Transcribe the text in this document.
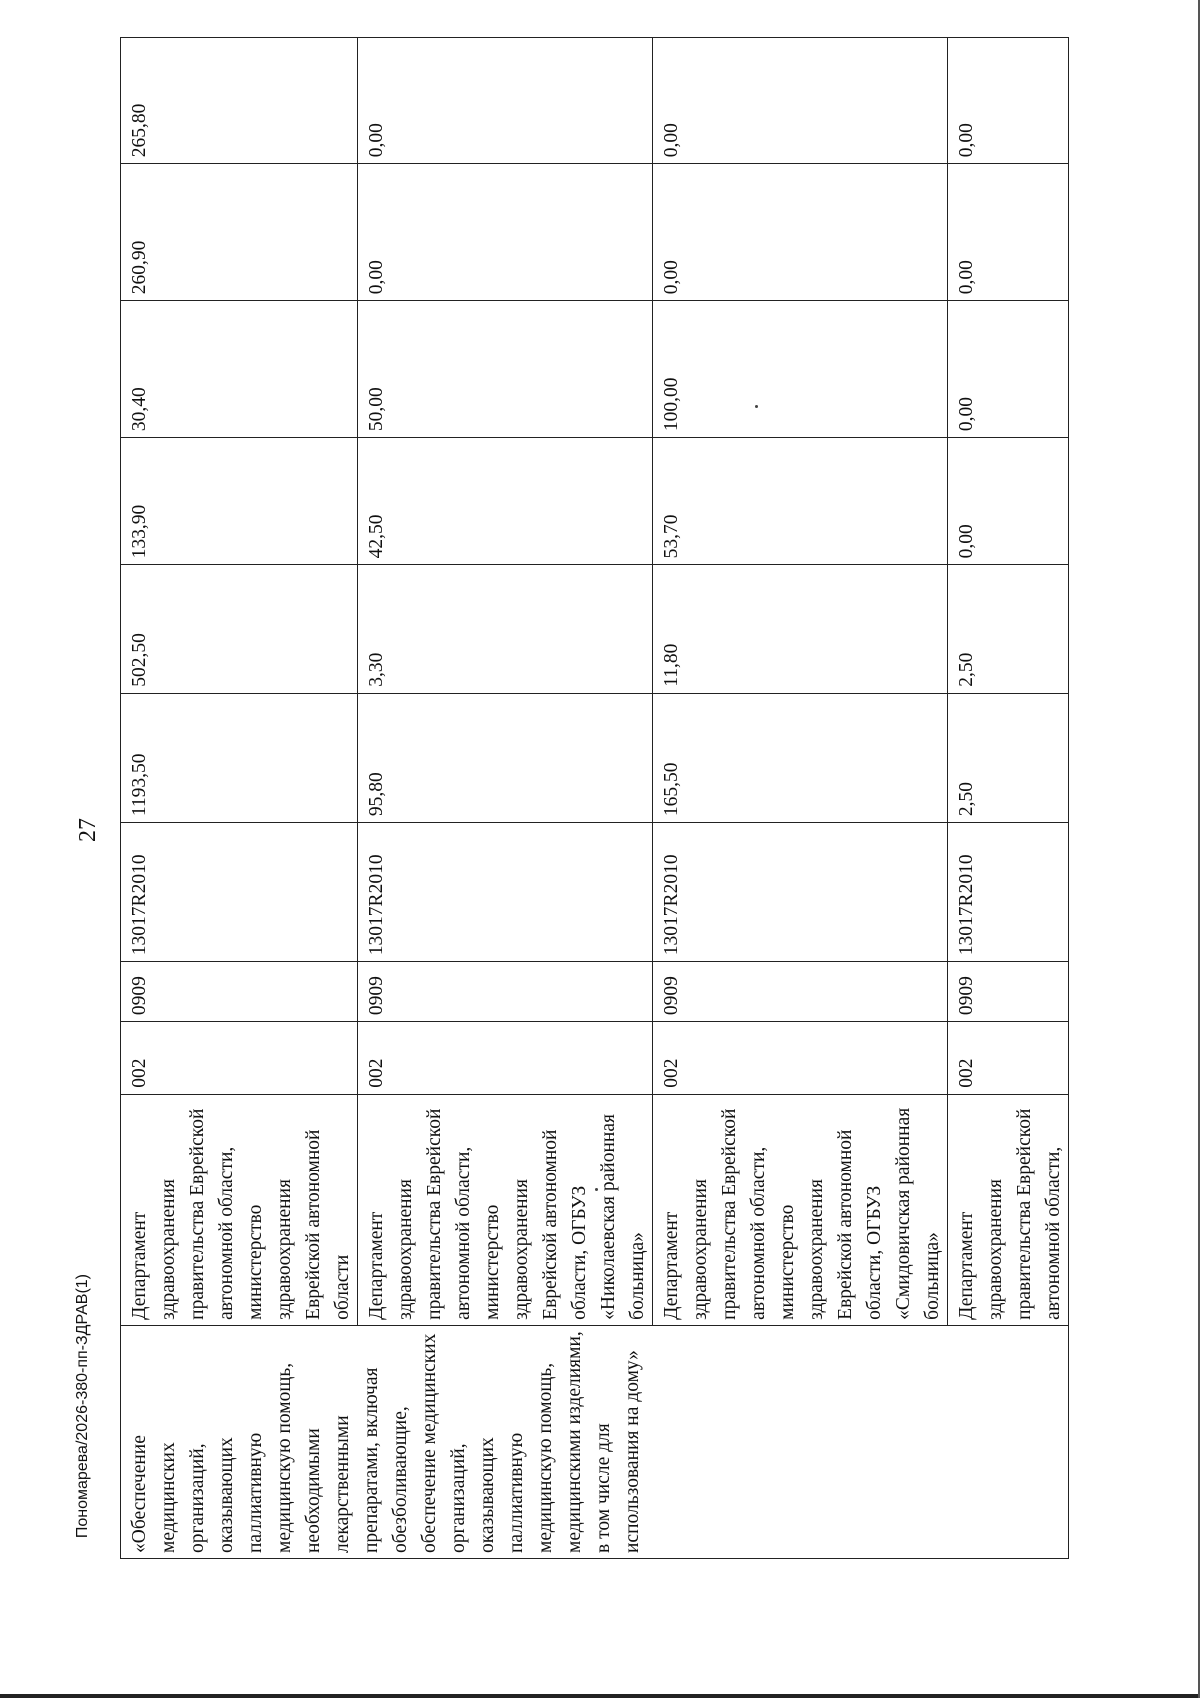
27
«Обеспечение медицинских организаций, оказывающих паллиативную медицинскую помощь, необходимыми лекарственными препаратами, включая обезболивающие, обеспечение медицинских организаций, оказывающих паллиативную медицинскую помощь, медицинскими изделиями, в том числе для использования на дому»	Департамент здравоохранения правительства Еврейской автономной области, министерство здравоохранения Еврейской автономной области	002	0909	13017R2010	1193,50	502,50	133,90	30,40	260,90	265,80
	Департамент здравоохранения правительства Еврейской автономной области, министерство здравоохранения Еврейской автономной области, ОГБУЗ «Николаевская районная больница»	002	0909	13017R2010	95,80	3,30	42,50	50,00	0,00	0,00
	Департамент здравоохранения правительства Еврейской автономной области, министерство здравоохранения Еврейской автономной области, ОГБУЗ «Смидовичская районная больница»	002	0909	13017R2010	165,50	11,80	53,70	100,00	0,00	0,00
	Департамент здравоохранения правительства Еврейской автономной области,	002	0909	13017R2010	2,50	2,50	0,00	0,00	0,00	0,00
Пономарева/2026-380-пп-ЗДРАВ(1)
